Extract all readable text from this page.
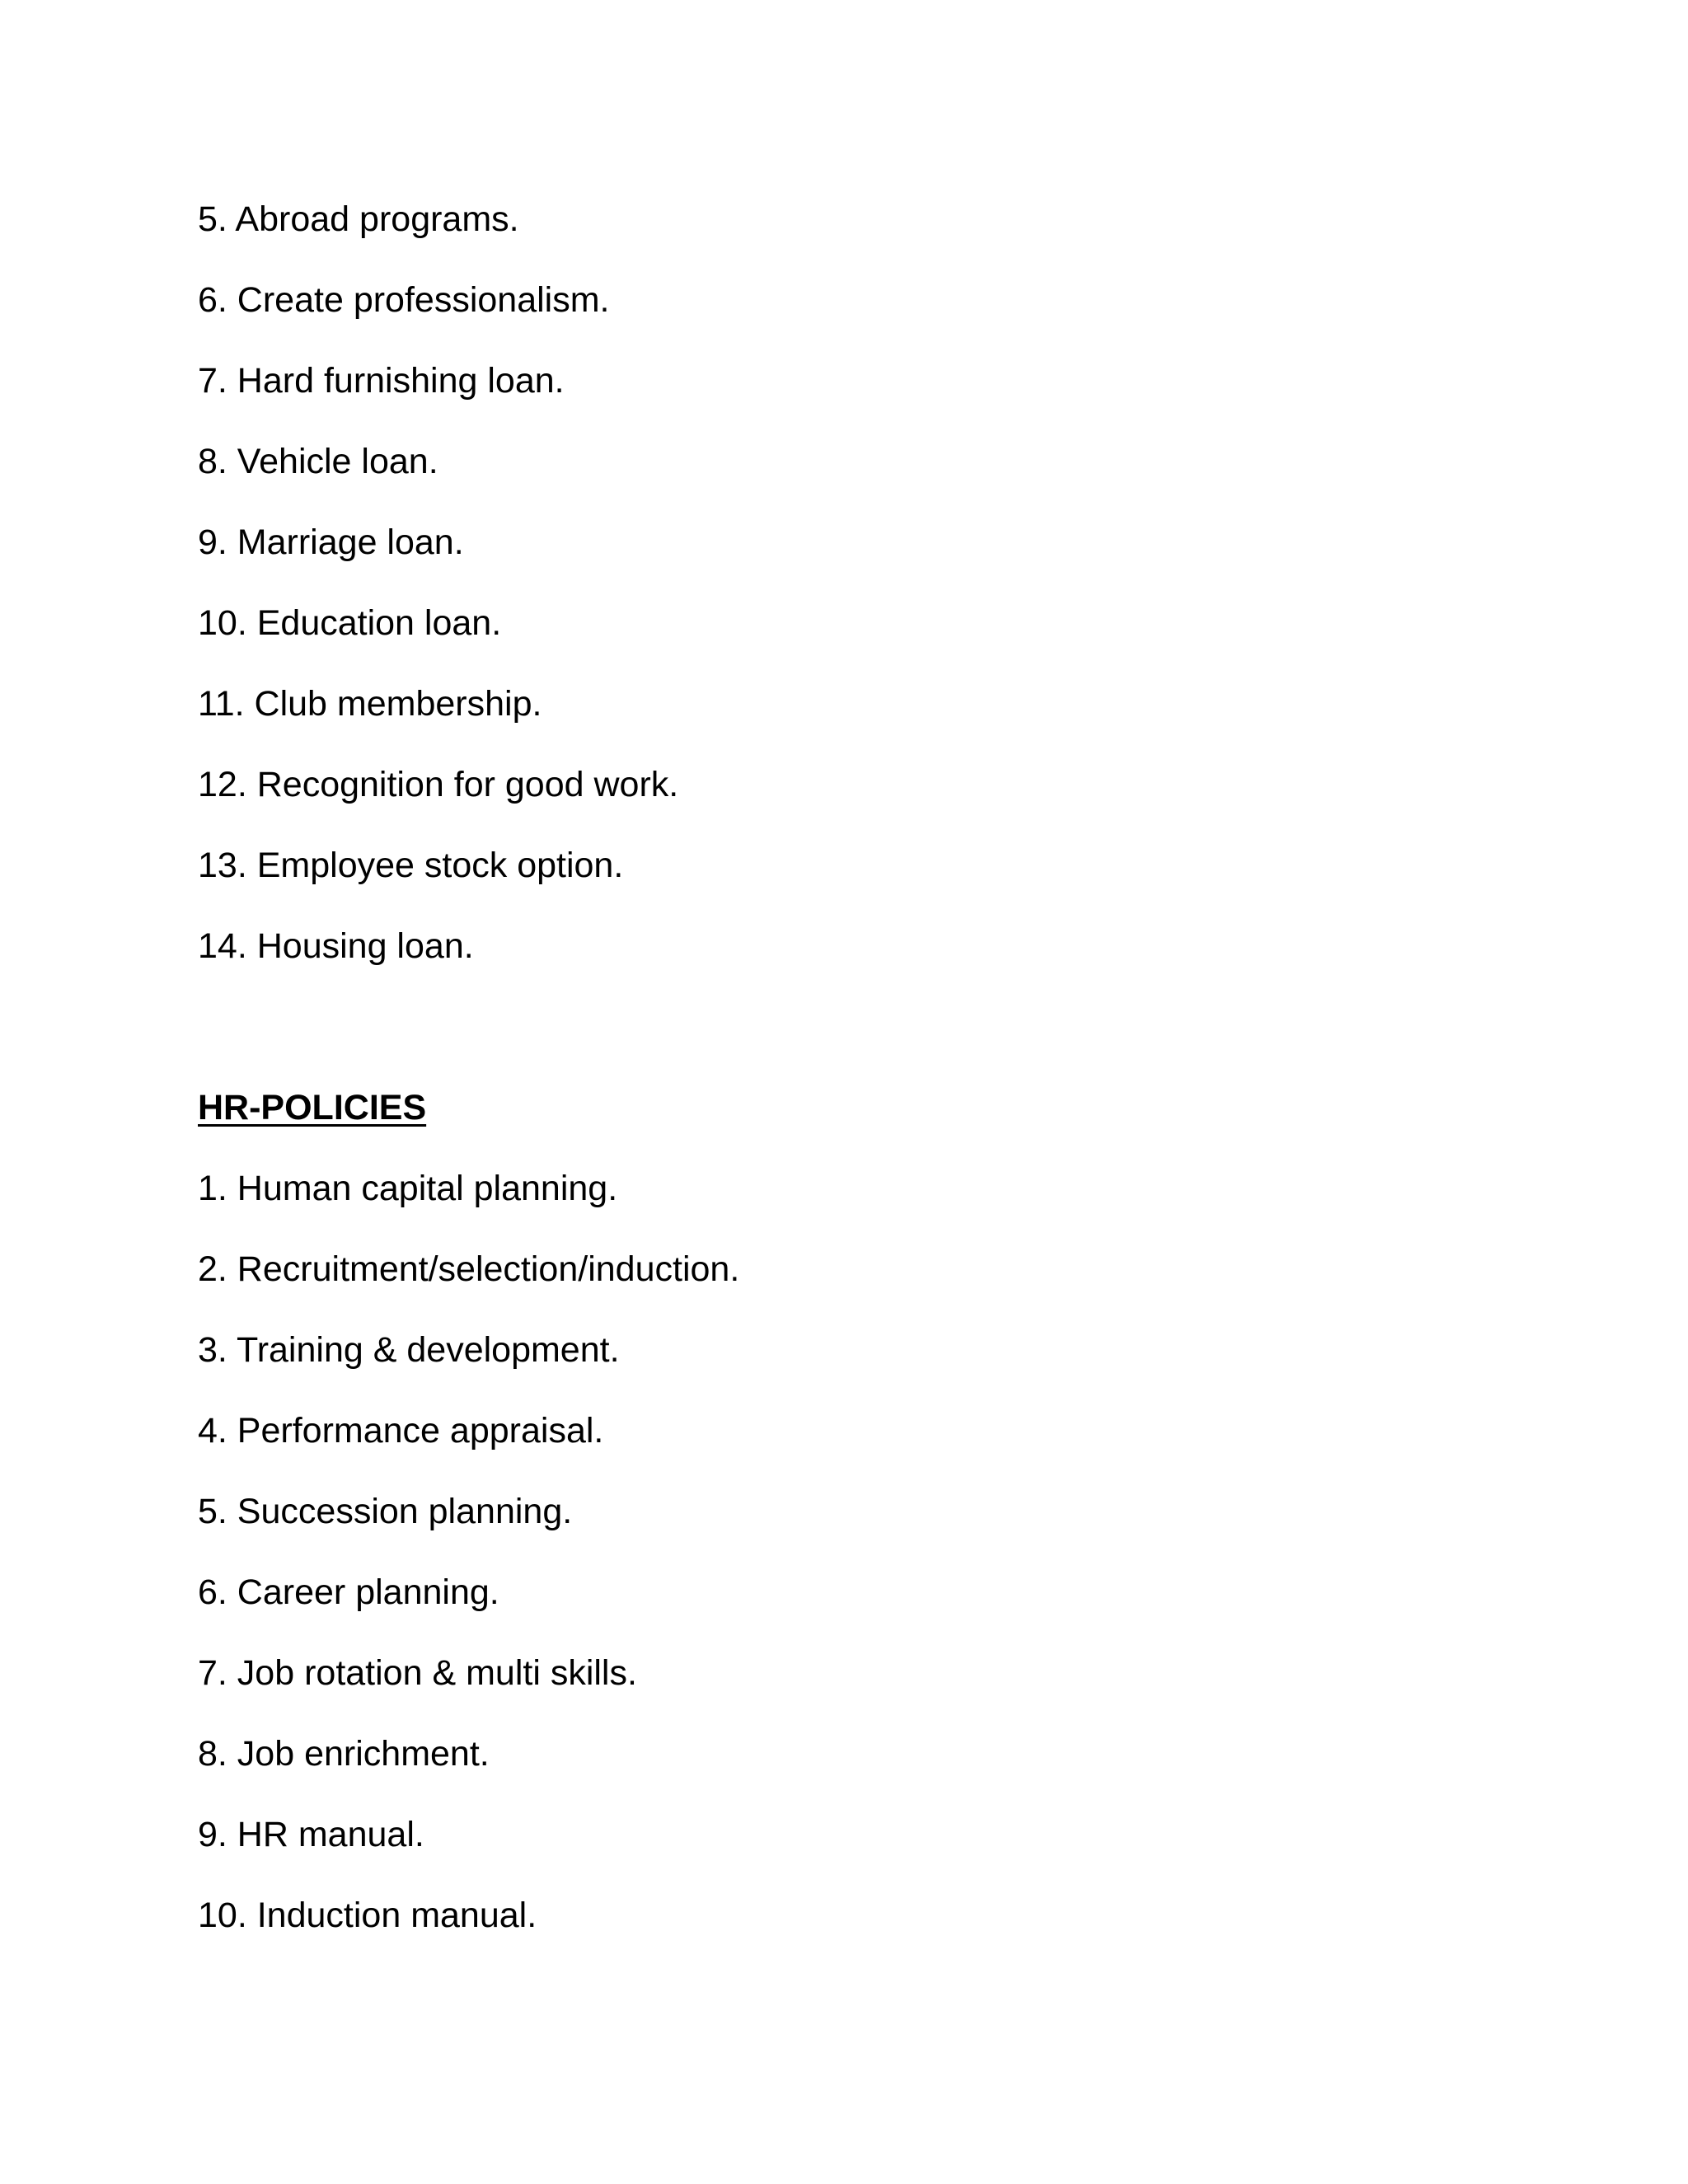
5. Abroad programs.
6. Create professionalism.
7. Hard furnishing loan.
8. Vehicle loan.
9. Marriage loan.
10. Education loan.
11. Club membership.
12. Recognition for good work.
13. Employee stock option.
14. Housing loan.
HR-POLICIES
1. Human capital planning.
2. Recruitment/selection/induction.
3. Training & development.
4. Performance appraisal.
5. Succession planning.
6. Career planning.
7. Job rotation & multi skills.
8. Job enrichment.
9. HR manual.
10. Induction manual.
